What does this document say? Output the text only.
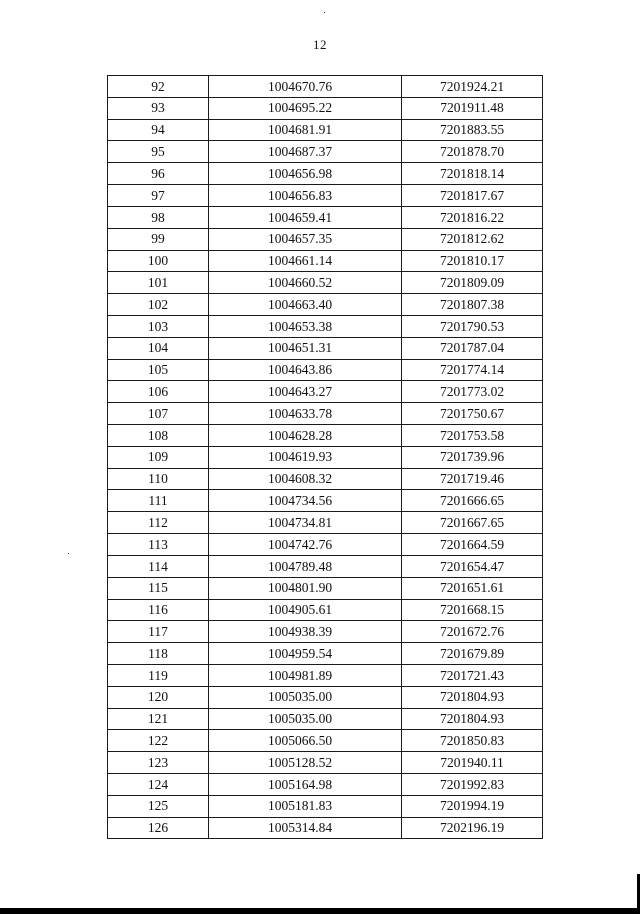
12
92	1004670.76	7201924.21
93	1004695.22	7201911.48
94	1004681.91	7201883.55
95	1004687.37	7201878.70
96	1004656.98	7201818.14
97	1004656.83	7201817.67
98	1004659.41	7201816.22
99	1004657.35	7201812.62
100	1004661.14	7201810.17
101	1004660.52	7201809.09
102	1004663.40	7201807.38
103	1004653.38	7201790.53
104	1004651.31	7201787.04
105	1004643.86	7201774.14
106	1004643.27	7201773.02
107	1004633.78	7201750.67
108	1004628.28	7201753.58
109	1004619.93	7201739.96
110	1004608.32	7201719.46
111	1004734.56	7201666.65
112	1004734.81	7201667.65
113	1004742.76	7201664.59
114	1004789.48	7201654.47
115	1004801.90	7201651.61
116	1004905.61	7201668.15
117	1004938.39	7201672.76
118	1004959.54	7201679.89
119	1004981.89	7201721.43
120	1005035.00	7201804.93
121	1005035.00	7201804.93
122	1005066.50	7201850.83
123	1005128.52	7201940.11
124	1005164.98	7201992.83
125	1005181.83	7201994.19
126	1005314.84	7202196.19
